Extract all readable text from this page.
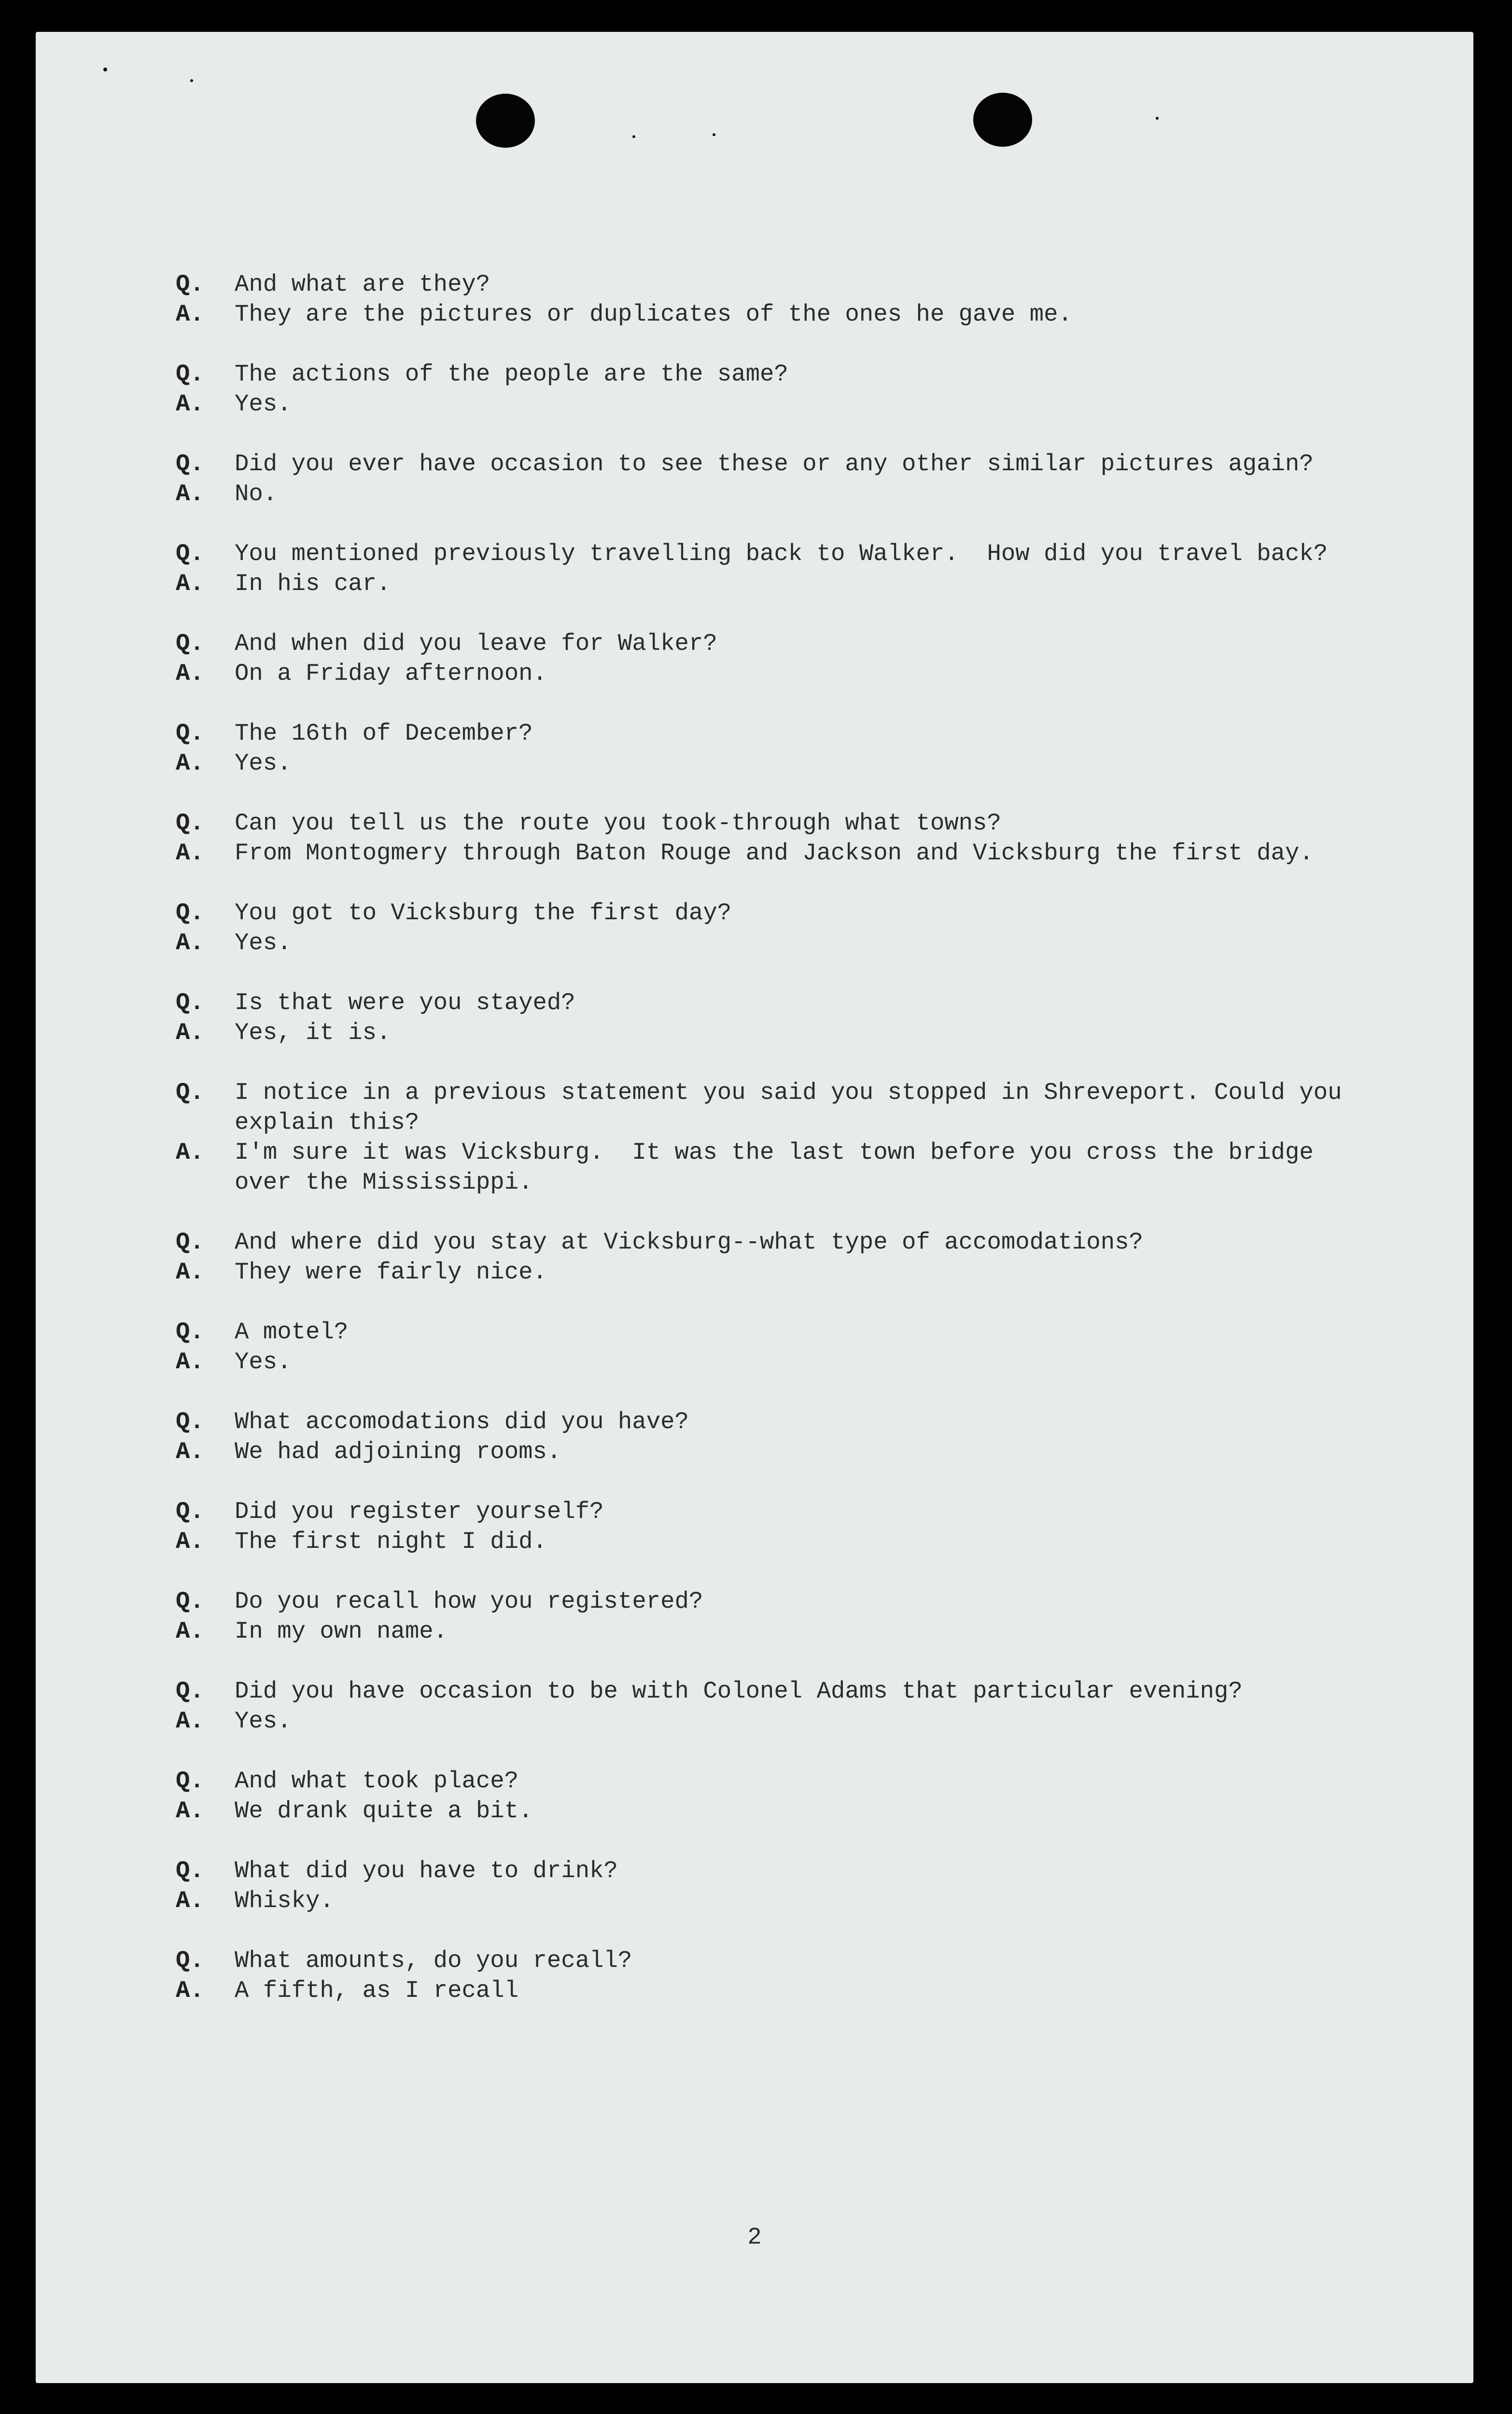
Q.	And what are they?
A.	They are the pictures or duplicates of the ones he gave me.
Q.	The actions of the people are the same?
A.	Yes.
Q.	Did you ever have occasion to see these or any other similar pictures again?
A.	No.
Q.	You mentioned previously travelling back to Walker.  How did you travel back?
A.	In his car.
Q.	And when did you leave for Walker?
A.	On a Friday afternoon.
Q.	The 16th of December?
A.	Yes.
Q.	Can you tell us the route you took-through what towns?
A.	From Montogmery through Baton Rouge and Jackson and Vicksburg the first day.
Q.	You got to Vicksburg the first day?
A.	Yes.
Q.	Is that were you stayed?
A.	Yes, it is.
Q.	I notice in a previous statement you said you stopped in Shreveport. Could you explain this?
A.	I'm sure it was Vicksburg.  It was the last town before you cross the bridge over the Mississippi.
Q.	And where did you stay at Vicksburg--what type of accomodations?
A.	They were fairly nice.
Q.	A motel?
A.	Yes.
Q.	What accomodations did you have?
A.	We had adjoining rooms.
Q.	Did you register yourself?
A.	The first night I did.
Q.	Do you recall how you registered?
A.	In my own name.
Q.	Did you have occasion to be with Colonel Adams that particular evening?
A.	Yes.
Q.	And what took place?
A.	We drank quite a bit.
Q.	What did you have to drink?
A.	Whisky.
Q.	What amounts, do you recall?
A.	A fifth, as I recall
2
